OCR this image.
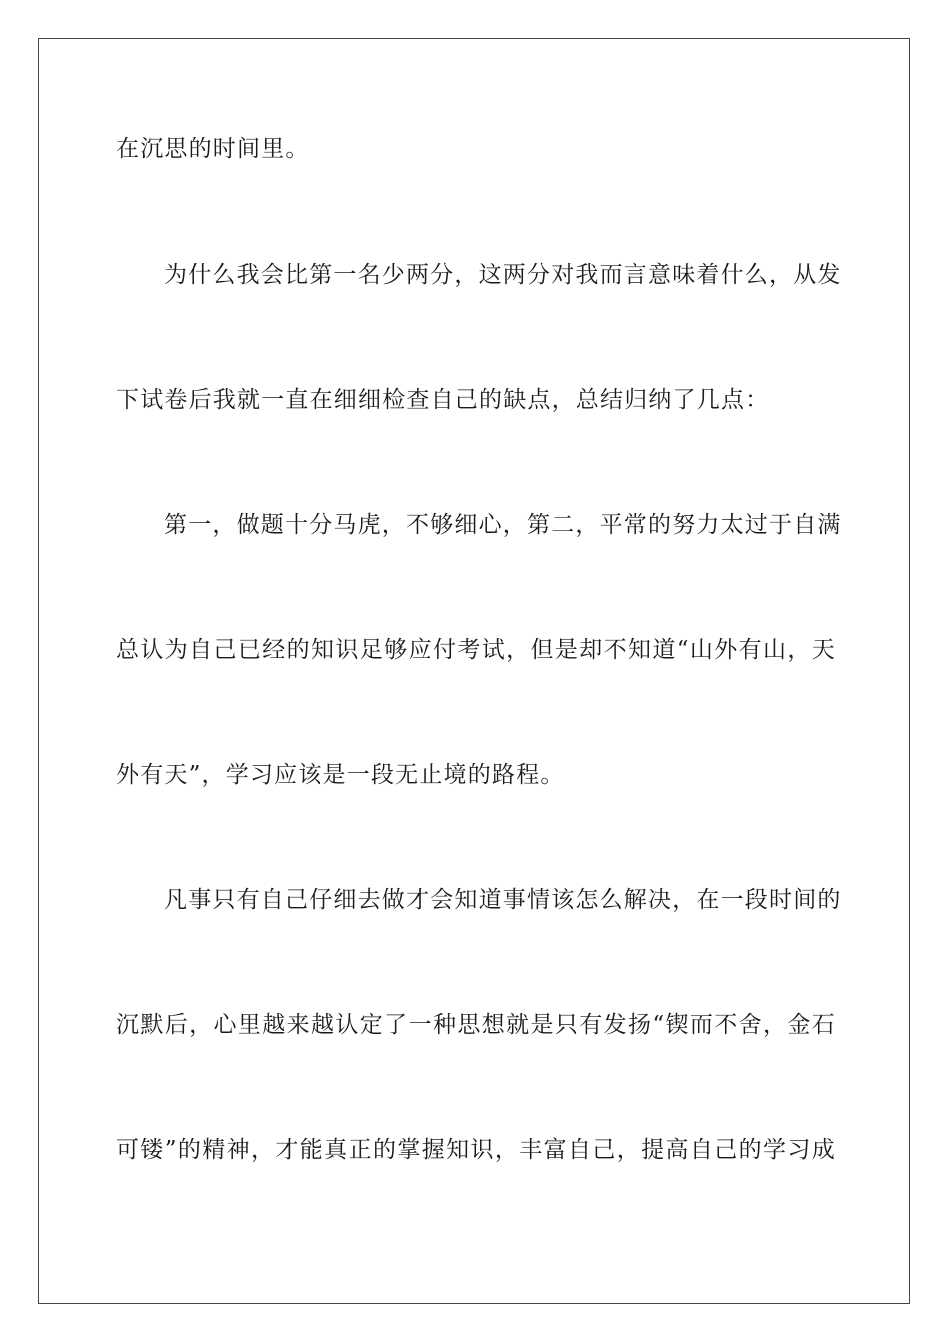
在沉思的时间里。
为什么我会比第一名少两分，这两分对我而言意味着什么，从发
下试卷后我就一直在细细检查自己的缺点，总结归纳了几点：
第一，做题十分马虎，不够细心，第二，平常的努力太过于自满
总认为自己已经的知识足够应付考试，但是却不知道“山外有山，天
外有天”，学习应该是一段无止境的路程。
凡事只有自己仔细去做才会知道事情该怎么解决，在一段时间的
沉默后，心里越来越认定了一种思想就是只有发扬“锲而不舍，金石
可镂”的精神，才能真正的掌握知识，丰富自己，提高自己的学习成
